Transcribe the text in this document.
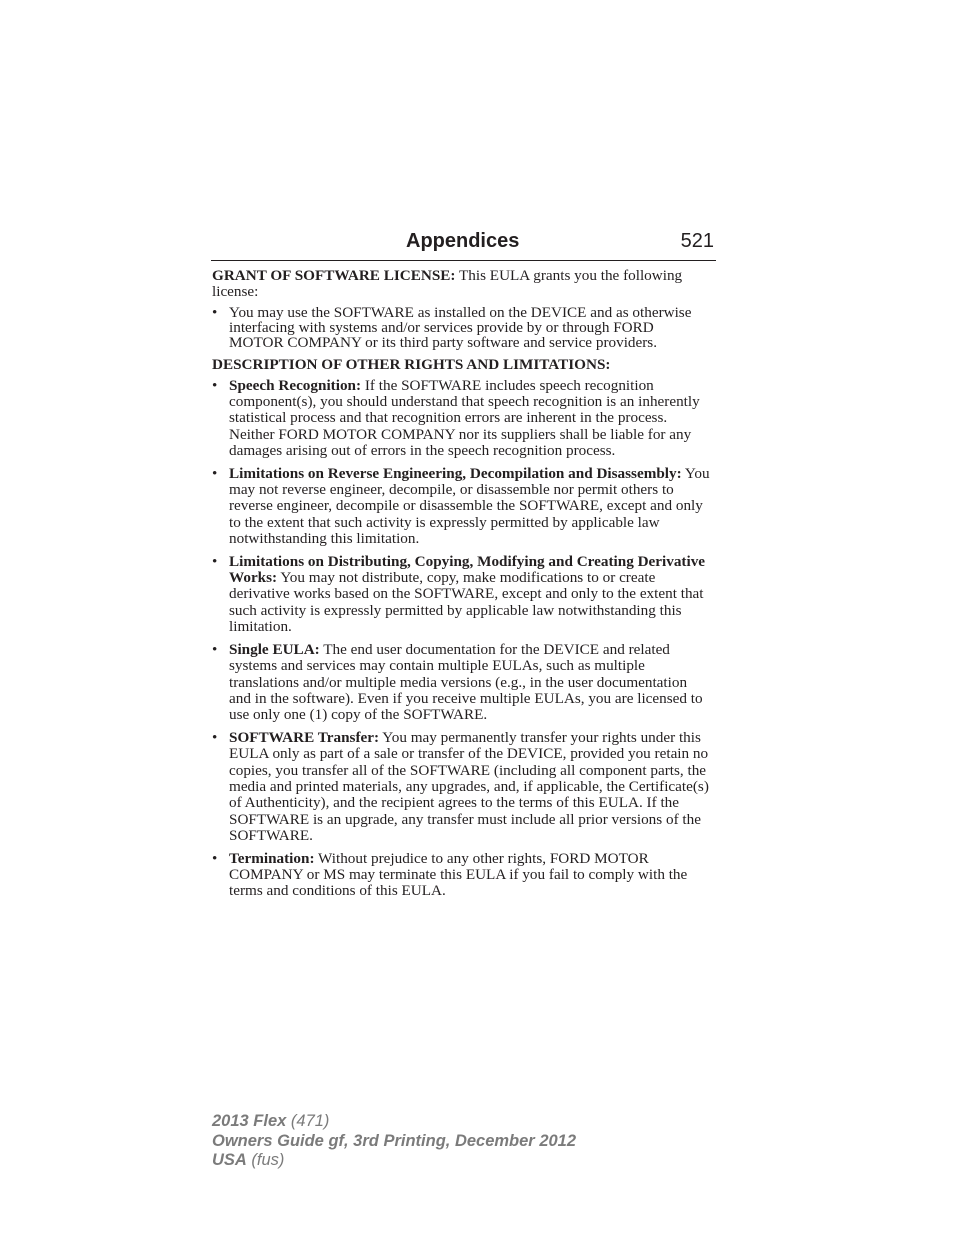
Appendices	521

GRANT OF SOFTWARE LICENSE: This EULA grants you the following license:

• You may use the SOFTWARE as installed on the DEVICE and as otherwise interfacing with systems and/or services provide by or through FORD MOTOR COMPANY or its third party software and service providers.

DESCRIPTION OF OTHER RIGHTS AND LIMITATIONS:

• Speech Recognition: If the SOFTWARE includes speech recognition component(s), you should understand that speech recognition is an inherently statistical process and that recognition errors are inherent in the process. Neither FORD MOTOR COMPANY nor its suppliers shall be liable for any damages arising out of errors in the speech recognition process.
• Limitations on Reverse Engineering, Decompilation and Disassembly: You may not reverse engineer, decompile, or disassemble nor permit others to reverse engineer, decompile or disassemble the SOFTWARE, except and only to the extent that such activity is expressly permitted by applicable law notwithstanding this limitation.
• Limitations on Distributing, Copying, Modifying and Creating Derivative Works: You may not distribute, copy, make modifications to or create derivative works based on the SOFTWARE, except and only to the extent that such activity is expressly permitted by applicable law notwithstanding this limitation.
• Single EULA: The end user documentation for the DEVICE and related systems and services may contain multiple EULAs, such as multiple translations and/or multiple media versions (e.g., in the user documentation and in the software). Even if you receive multiple EULAs, you are licensed to use only one (1) copy of the SOFTWARE.
• SOFTWARE Transfer: You may permanently transfer your rights under this EULA only as part of a sale or transfer of the DEVICE, provided you retain no copies, you transfer all of the SOFTWARE (including all component parts, the media and printed materials, any upgrades, and, if applicable, the Certificate(s) of Authenticity), and the recipient agrees to the terms of this EULA. If the SOFTWARE is an upgrade, any transfer must include all prior versions of the SOFTWARE.
• Termination: Without prejudice to any other rights, FORD MOTOR COMPANY or MS may terminate this EULA if you fail to comply with the terms and conditions of this EULA.
2013 Flex (471)
Owners Guide gf, 3rd Printing, December 2012
USA (fus)
